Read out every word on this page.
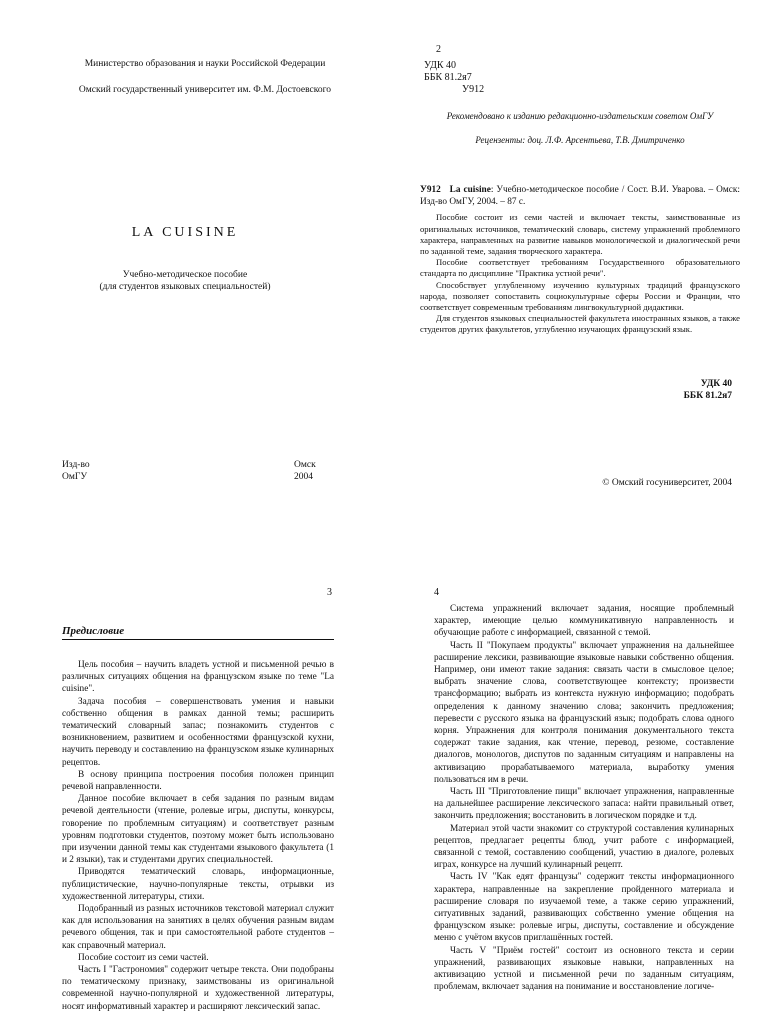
Министерство образования и науки Российской Федерации
Омский государственный университет им. Ф.М. Достоевского
LA CUISINE
Учебно-методическое пособие
(для студентов языковых специальностей)
Изд-во
ОмГУ
Омск
2004
2
УДК 40
ББК 81.2я7
У912
Рекомендовано к изданию редакционно-издательским советом ОмГУ
Рецензенты: доц. Л.Ф. Арсентьева, Т.В. Дмитриченко
У912 La cuisine: Учебно-методическое пособие / Сост. В.И. Уварова. – Омск: Изд-во ОмГУ, 2004. – 87 с.

Пособие состоит из семи частей и включает тексты, заимствованные из оригинальных источников, тематический словарь, систему упражнений проблемного характера, направленных на развитие навыков монологической и диалогической речи по заданной теме, задания творческого характера.

Пособие соответствует требованиям Государственного образовательного стандарта по дисциплине "Практика устной речи".

Способствует углубленному изучению культурных традиций французского народа, позволяет сопоставить социокультурные сферы России и Франции, что соответствует современным требованиям лингвокультурной дидактики.

Для студентов языковых специальностей факультета иностранных языков, а также студентов других факультетов, углубленно изучающих французский язык.

УДК 40
ББК 81.2я7
© Омский госуниверситет, 2004
3
Предисловие

Цель пособия – научить владеть устной и письменной речью в различных ситуациях общения на французском языке по теме "La cuisine".

Задача пособия – совершенствовать умения и навыки собственно общения в рамках данной темы; расширить тематический словарный запас; познакомить студентов с возникновением, развитием и особенностями французской кухни, научить переводу и составлению на французском языке кулинарных рецептов.

В основу принципа построения пособия положен принцип речевой направленности.

Данное пособие включает в себя задания по разным видам речевой деятельности (чтение, ролевые игры, диспуты, конкурсы, говорение по проблемным ситуациям) и соответствует разным уровням подготовки студентов, поэтому может быть использовано при изучении данной темы как студентами языкового факультета (1 и 2 языки), так и студентами других специальностей.

Приводятся тематический словарь, информационные, публицистические, научно-популярные тексты, отрывки из художественной литературы, стихи.

Подобранный из разных источников текстовой материал служит как для использования на занятиях в целях обучения разным видам речевого общения, так и при самостоятельной работе студентов – как справочный материал.

Пособие состоит из семи частей.

Часть I "Гастрономия" содержит четыре текста. Они подобраны по тематическому признаку, заимствованы из оригинальной современной научно-популярной и художественной литературы, носят информативный характер и расширяют лексический запас.

4

Система упражнений включает задания, носящие проблемный характер, имеющие целью коммуникативную направленность и обучающие работе с информацией, связанной с темой.

Часть II "Покупаем продукты" включает упражнения на дальнейшее расширение лексики, развивающие языковые навыки собственно общения. Например, они имеют такие задания: связать части в смысловое целое; выбрать значение слова, соответствующее контексту; произвести трансформацию; выбрать из контекста нужную информацию; подобрать определения к данному значению слова; закончить предложения; перевести с русского языка на французский язык; подобрать слова одного корня. Упражнения для контроля понимания документального текста содержат такие задания, как чтение, перевод, резюме, составление диалогов, монологов, диспутов по заданным ситуациям и направлены на активизацию прорабатываемого материала, выработку умения пользоваться им в речи.

Часть III "Приготовление пищи" включает упражнения, направленные на дальнейшее расширение лексического запаса: найти правильный ответ, закончить предложения; восстановить в логическом порядке и т.д.

Материал этой части знакомит со структурой составления кулинарных рецептов, предлагает рецепты блюд, учит работе с информацией, связанной с темой, составлению сообщений, участию в диалоге, ролевых играх, конкурсе на лучший кулинарный рецепт.

Часть IV "Как едят французы" содержит тексты информационного характера, направленные на закрепление пройденного материала и расширение словаря по изучаемой теме, а также серию упражнений, ситуативных заданий, развивающих собственно умение общения на французском языке: ролевые игры, диспуты, составление и обсуждение меню с учётом вкусов приглашённых гостей.

Часть V "Приём гостей" состоит из основного текста и серии упражнений, развивающих языковые навыки, направленных на активизацию устной и письменной речи по заданным ситуациям, проблемам, включает задания на понимание и восстановление логиче-
